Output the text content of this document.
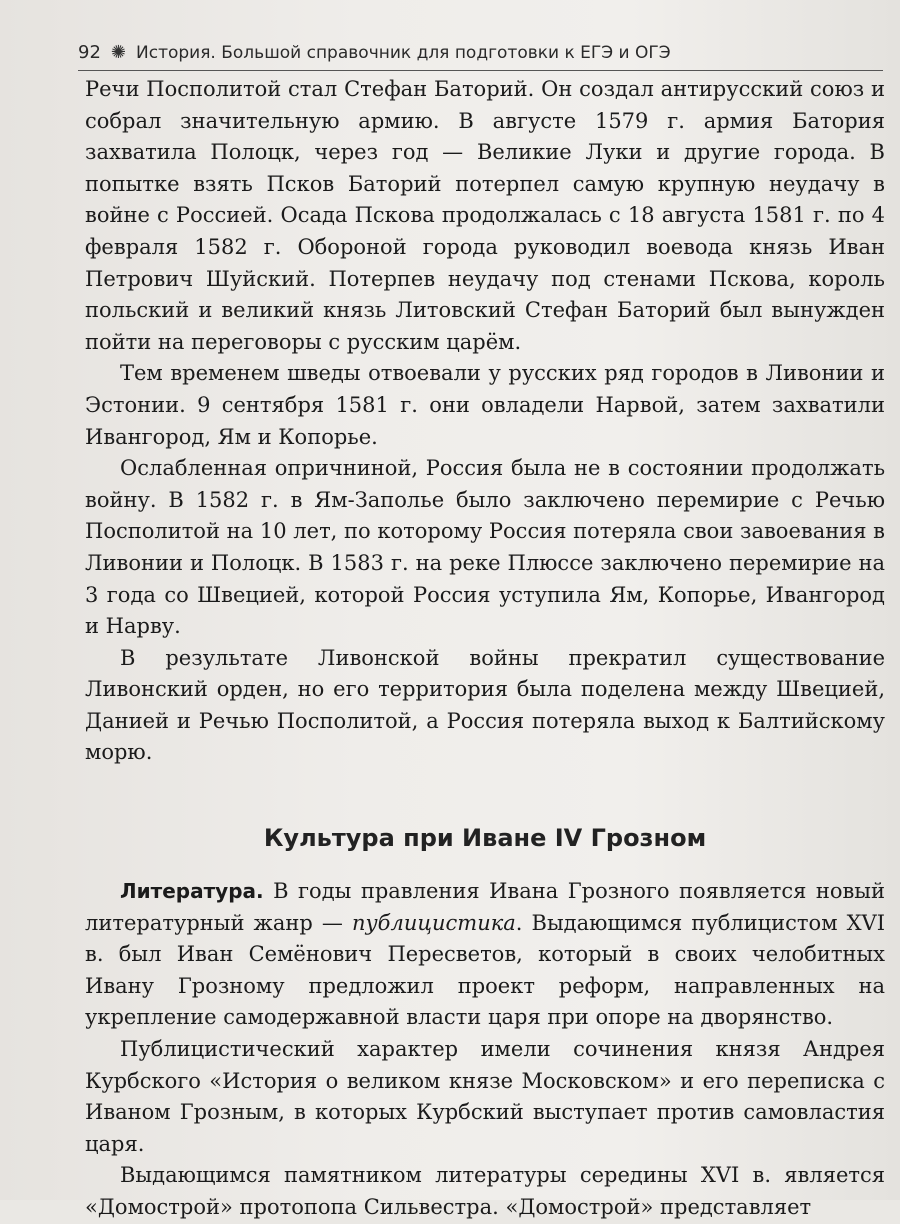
92 ✺ История. Большой справочник для подготовки к ЕГЭ и ОГЭ

Речи Посполитой стал Стефан Баторий. Он создал антирусский союз и собрал значительную армию. В августе 1579 г. армия Батория захватила Полоцк, через год — Великие Луки и другие города. В попытке взять Псков Баторий потерпел самую крупную неудачу в войне с Россией. Осада Пскова продолжалась с 18 августа 1581 г. по 4 февраля 1582 г. Обороной города руководил воевода князь Иван Петрович Шуйский. Потерпев неудачу под стенами Пскова, король польский и великий князь Литовский Стефан Баторий был вынужден пойти на переговоры с русским царём.

Тем временем шведы отвоевали у русских ряд городов в Ливонии и Эстонии. 9 сентября 1581 г. они овладели Нарвой, затем захватили Ивангород, Ям и Копорье.

Ослабленная опричниной, Россия была не в состоянии продолжать войну. В 1582 г. в Ям-Заполье было заключено перемирие с Речью Посполитой на 10 лет, по которому Россия потеряла свои завоевания в Ливонии и Полоцк. В 1583 г. на реке Плюссе заключено перемирие на 3 года со Швецией, которой Россия уступила Ям, Копорье, Ивангород и Нарву.

В результате Ливонской войны прекратил существование Ливонский орден, но его территория была поделена между Швецией, Данией и Речью Посполитой, а Россия потеряла выход к Балтийскому морю.

Культура при Иване IV Грозном

Литература. В годы правления Ивана Грозного появляется новый литературный жанр — публицистика. Выдающимся публицистом XVI в. был Иван Семёнович Пересветов, который в своих челобитных Ивану Грозному предложил проект реформ, направленных на укрепление самодержавной власти царя при опоре на дворянство.

Публицистический характер имели сочинения князя Андрея Курбского «История о великом князе Московском» и его переписка с Иваном Грозным, в которых Курбский выступает против самовластия царя.

Выдающимся памятником литературы середины XVI в. является «Домострой» протопопа Сильвестра. «Домострой» представляет
